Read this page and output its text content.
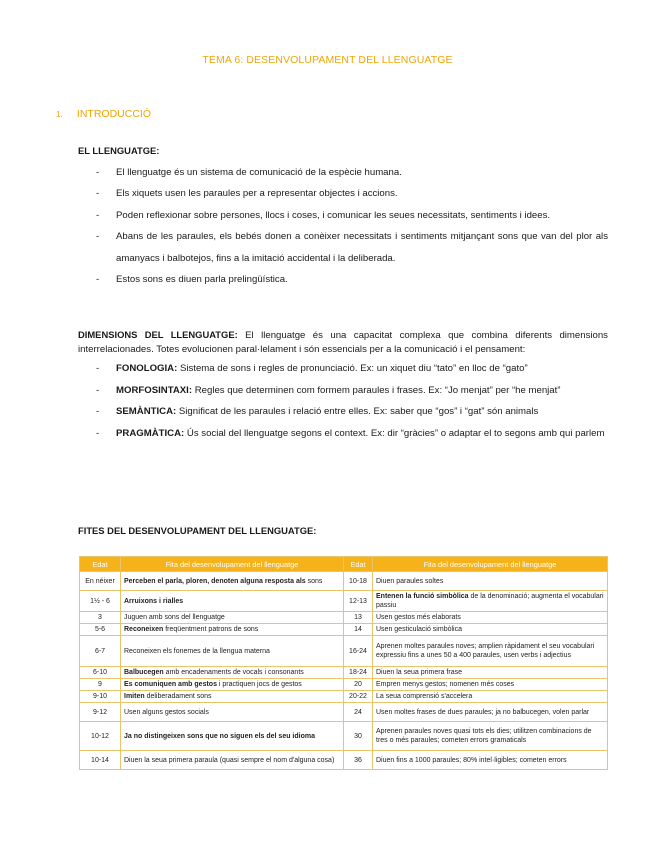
TEMA 6: DESENVOLUPAMENT DEL LLENGUATGE
1. INTRODUCCIÓ
EL LLENGUATGE:
- El llenguatge és un sistema de comunicació de la espècie humana.
- Els xiquets usen les paraules per a representar objectes i accions.
- Poden reflexionar sobre persones, llocs i coses, i comunicar les seues necessitats, sentiments i idees.
- Abans de les paraules, els bebés donen a conèixer necessitats i sentiments mitjançant sons que van del plor als amanyacs i balbotejos, fins a la imitació accidental i la deliberada.
- Estos sons es diuen parla prelingüística.
DIMENSIONS DEL LLENGUATGE: El llenguatge és una capacitat complexa que combina diferents dimensions interrelacionades. Totes evolucionen paral·lelament i són essencials per a la comunicació i el pensament:
- FONOLOGIA: Sistema de sons i regles de pronunciació. Ex: un xiquet diu “tato” en lloc de “gato”
- MORFOSINTAXI: Regles que determinen com formem paraules i frases. Ex: “Jo menjat” per “he menjat”
- SEMÀNTICA: Significat de les paraules i relació entre elles. Ex: saber que “gos” i “gat” són animals
- PRAGMÀTICA: Ús social del llenguatge segons el context. Ex: dir “gràcies” o adaptar el to segons amb qui parlem
FITES DEL DESENVOLUPAMENT DEL LLENGUATGE:
Edat	Fita del desenvolupament del llenguatge	Edat	Fita del desenvolupament del llenguatge
En néixer	Perceben el parla, ploren, denoten alguna resposta als sons	10-18	Diuen paraules soltes
1½ - 6	Arruixons i rialles	12-13	Entenen la funció simbòlica de la denominació; augmenta el vocabulari passiu
3	Juguen amb sons del llenguatge	13	Usen gestos més elaborats
5-6	Reconeixen freqüentment patrons de sons	14	Usen gesticulació simbòlica
6-7	Reconeixen els fonemes de la llengua materna	16-24	Aprenen moltes paraules noves; amplien ràpidament el seu vocabulari expressiu fins a unes 50 a 400 paraules, usen verbs i adjectius
6-10	Balbucegen amb encadenaments de vocals i consonants	18-24	Diuen la seua primera frase
9	Es comuniquen amb gestos i practiquen jocs de gestos	20	Empren menys gestos; nomenen més coses
9-10	Imiten deliberadament sons	20-22	La seua comprensió s'accelera
9-12	Usen alguns gestos socials	24	Usen moltes frases de dues paraules; ja no balbucegen, volen parlar
10-12	Ja no distingeixen sons que no siguen els del seu idioma	30	Aprenen paraules noves quasi tots els dies; utilitzen combinacions de tres o més paraules; cometen errors gramaticals
10-14	Diuen la seua primera paraula (quasi sempre el nom d'alguna cosa)	36	Diuen fins a 1000 paraules; 80% intel·ligibles; cometen errors
